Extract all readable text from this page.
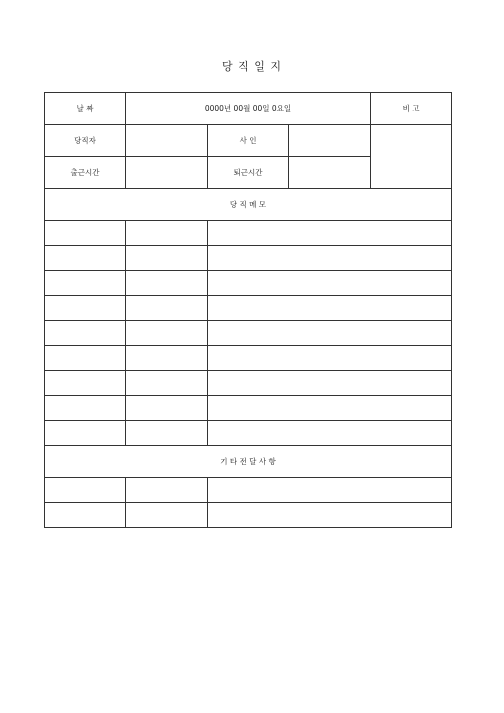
당 직 일 지
날 짜	0000년 00월 00일 0요일			비 고
당직자		사 인		
출근시간		퇴근시간		
당 직 메 모				

기 타 전 달 사 항				
